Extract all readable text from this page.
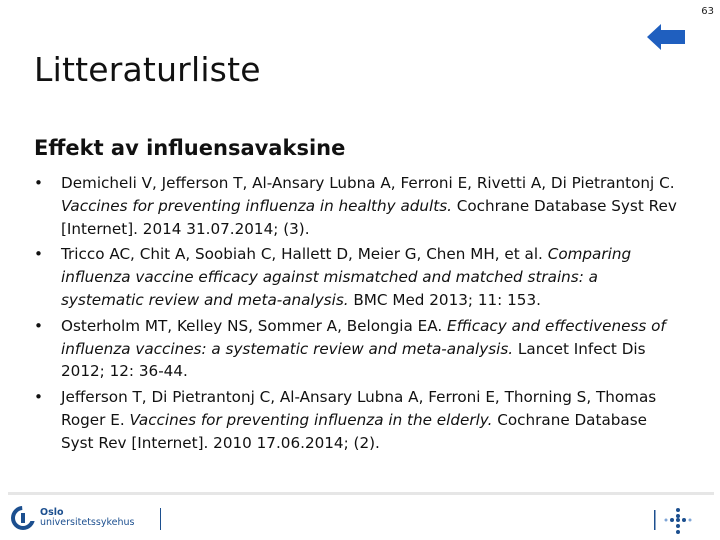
63
Litteraturliste
Effekt av influensavaksine
• Demicheli V, Jefferson T, Al-Ansary Lubna A, Ferroni E, Rivetti A, Di Pietrantonj C. Vaccines for preventing influenza in healthy adults. Cochrane Database Syst Rev [Internet]. 2014 31.07.2014; (3).
• Tricco AC, Chit A, Soobiah C, Hallett D, Meier G, Chen MH, et al. Comparing influenza vaccine efficacy against mismatched and matched strains: a systematic review and meta-analysis. BMC Med 2013; 11: 153.
• Osterholm MT, Kelley NS, Sommer A, Belongia EA. Efficacy and effectiveness of influenza vaccines: a systematic review and meta-analysis. Lancet Infect Dis 2012; 12: 36-44.
• Jefferson T, Di Pietrantonj C, Al-Ansary Lubna A, Ferroni E, Thorning S, Thomas Roger E. Vaccines for preventing influenza in the elderly. Cochrane Database Syst Rev [Internet]. 2010 17.06.2014; (2).
Oslo
universitetssykehus
